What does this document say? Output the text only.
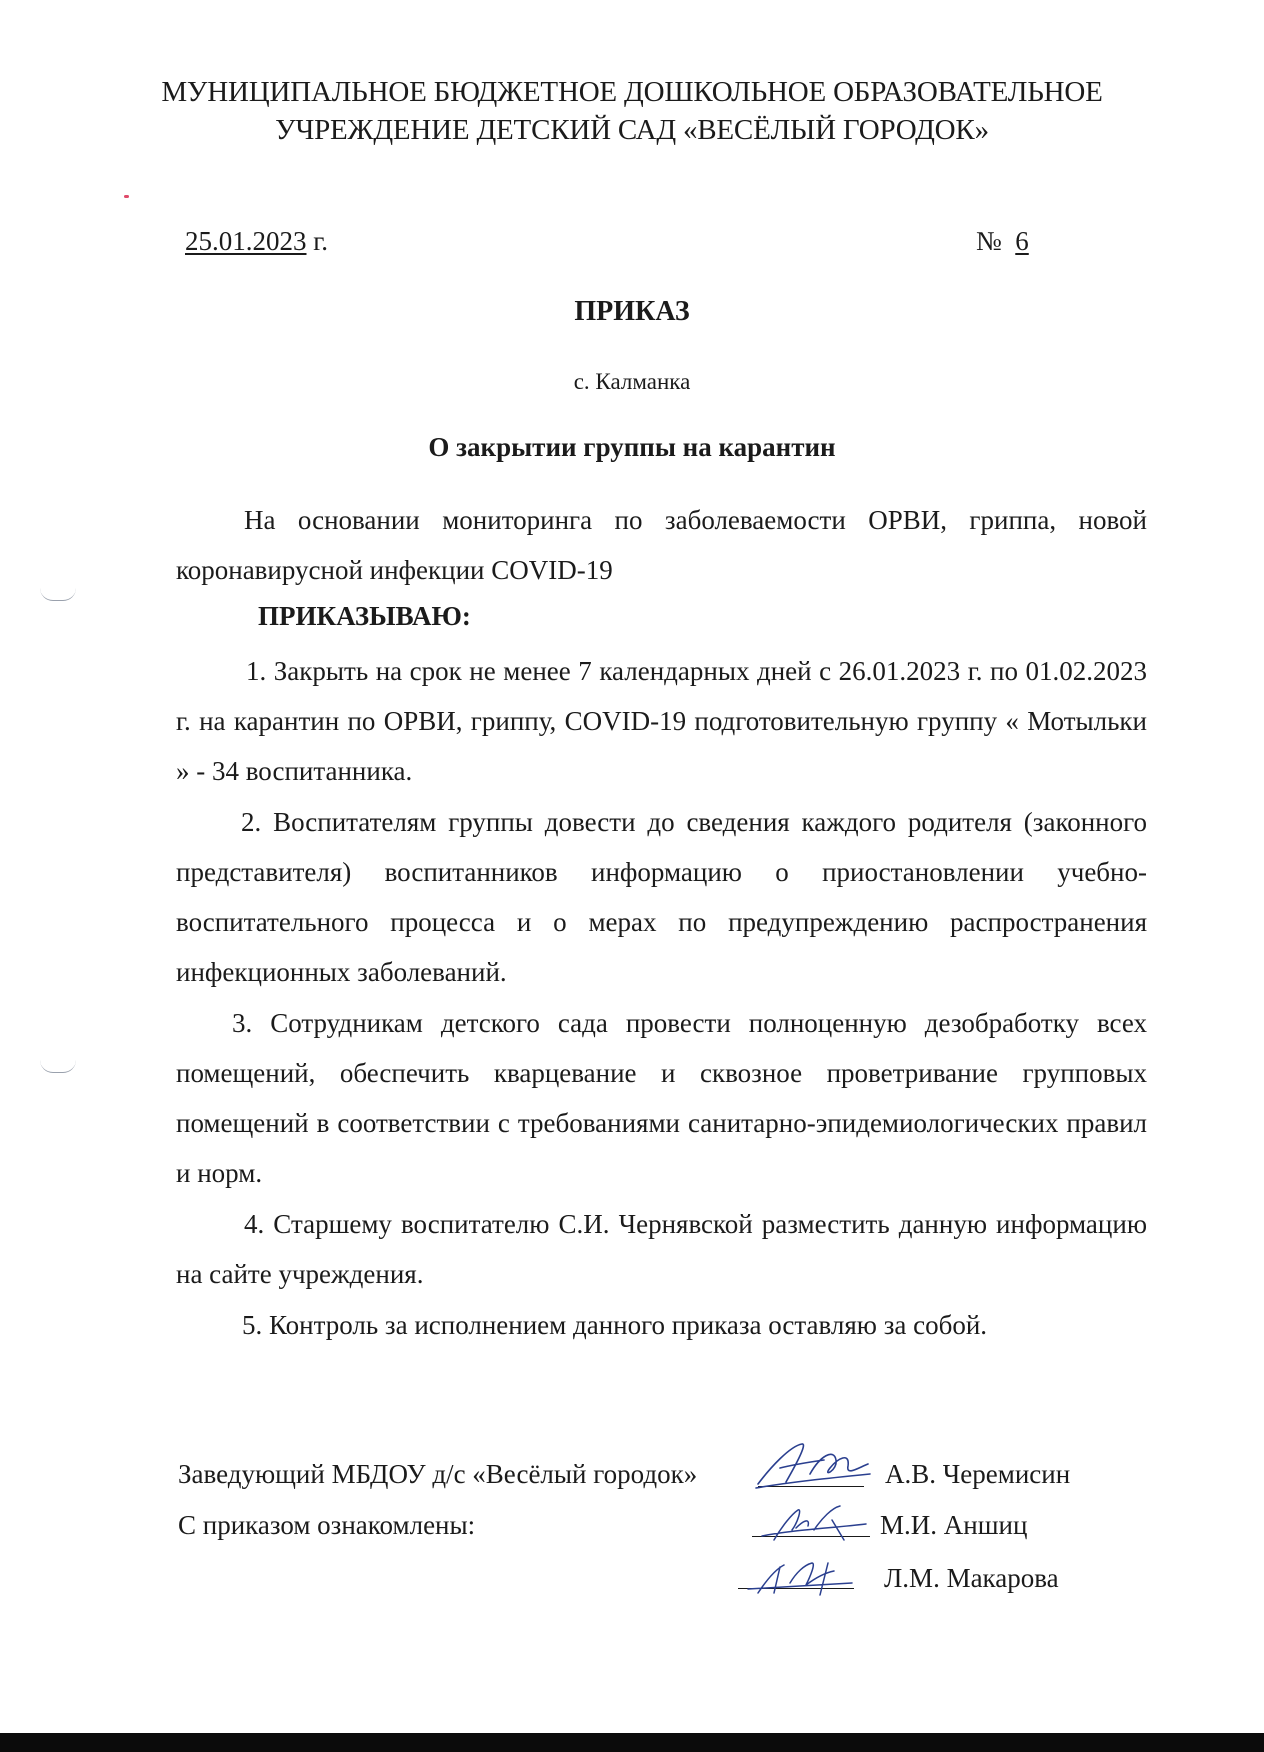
МУНИЦИПАЛЬНОЕ БЮДЖЕТНОЕ ДОШКОЛЬНОЕ ОБРАЗОВАТЕЛЬНОЕ
УЧРЕЖДЕНИЕ ДЕТСКИЙ САД «ВЕСЁЛЫЙ ГОРОДОК»
25.01.2023 г.	№ 6
ПРИКАЗ
с. Калманка
О закрытии группы на карантин

На основании мониторинга по заболеваемости ОРВИ, гриппа, новой коронавирусной инфекции COVID-19

ПРИКАЗЫВАЮ:

1. Закрыть на срок не менее 7 календарных дней с 26.01.2023 г. по 01.02.2023 г. на карантин по ОРВИ, гриппу, COVID-19 подготовительную группу « Мотыльки » - 34 воспитанника.

2. Воспитателям группы довести до сведения каждого родителя (законного представителя) воспитанников информацию о приостановлении учебно-воспитательного процесса и о мерах по предупреждению распространения инфекционных заболеваний.

3. Сотрудникам детского сада провести полноценную дезобработку всех помещений, обеспечить кварцевание и сквозное проветривание групповых помещений в соответствии с требованиями санитарно-эпидемиологических правил и норм.

4. Старшему воспитателю С.И. Чернявской разместить данную информацию на сайте учреждения.

5. Контроль за исполнением данного приказа оставляю за собой.

Заведующий МБДОУ д/с «Весёлый городок»	А.В. Черемисин
С приказом ознакомлены:	М.И. Аншиц
Л.М. Макарова
